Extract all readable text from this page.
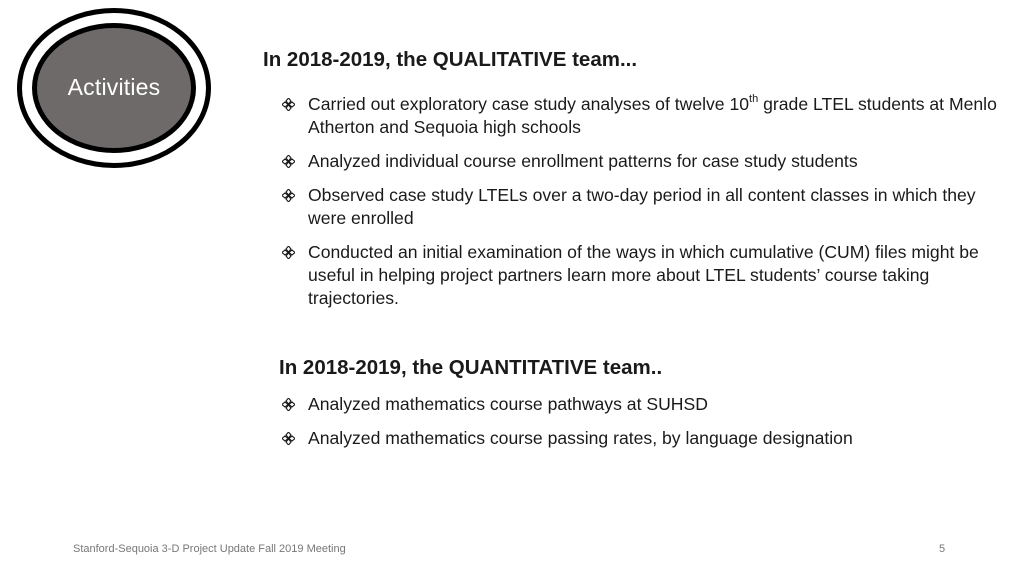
Activities
In 2018-2019, the QUALITATIVE team...
Carried out exploratory case study analyses of twelve 10th grade LTEL students at Menlo Atherton and Sequoia high schools
Analyzed individual course enrollment patterns for case study students
Observed case study LTELs over a two-day period in all content classes in which they were enrolled
Conducted an initial examination of the ways in which cumulative (CUM) files might be useful in helping project partners learn more about LTEL students’ course taking trajectories.
In 2018-2019, the QUANTITATIVE team..
Analyzed mathematics course pathways at SUHSD
Analyzed mathematics course passing rates, by language designation
Stanford-Sequoia 3-D Project Update Fall 2019 Meeting	5
